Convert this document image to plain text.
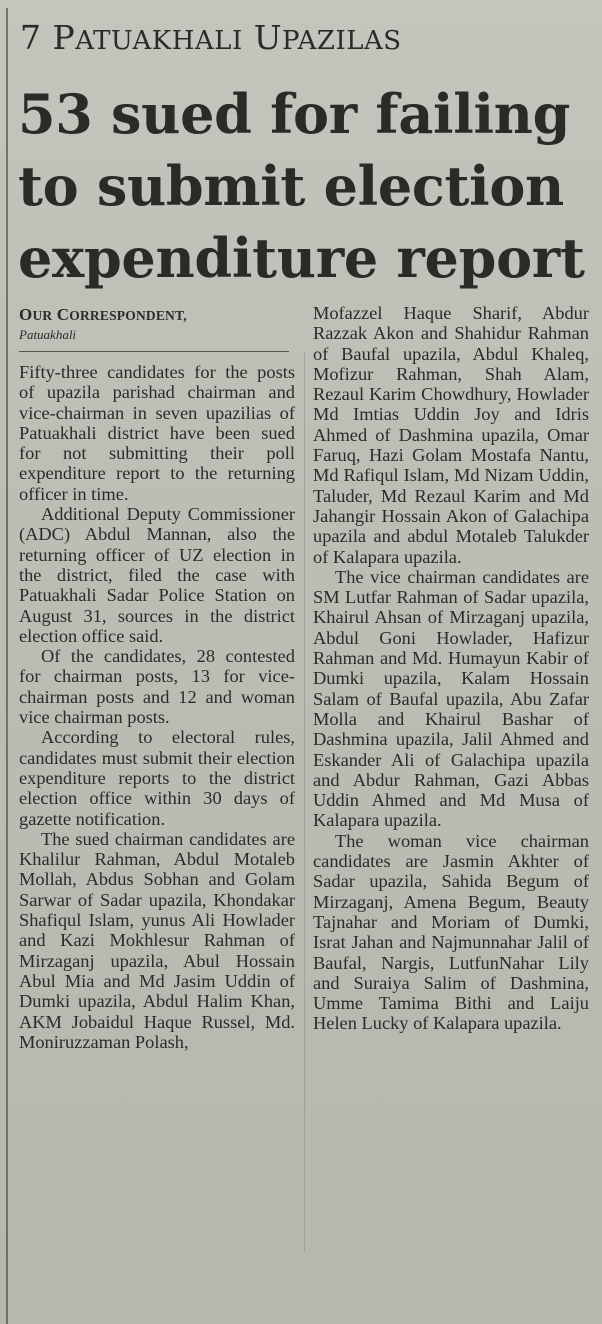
7 PATUAKHALI UPAZILAS
53 sued for failing to submit election expenditure report
OUR CORRESPONDENT,
Patuakhali

Fifty-three candidates for the posts of upazila parishad chairman and vice-chairman in seven upazilias of Patuakhali district have been sued for not submitting their poll expenditure report to the returning officer in time.

Additional Deputy Commissioner (ADC) Abdul Mannan, also the returning officer of UZ election in the district, filed the case with Patuakhali Sadar Police Station on August 31, sources in the district election office said.

Of the candidates, 28 contested for chairman posts, 13 for vice- chairman posts and 12 and woman vice chairman posts.

According to electoral rules, candidates must submit their election expenditure reports to the district election office within 30 days of gazette notification.

The sued chairman candidates are Khalilur Rahman, Abdul Motaleb Mollah, Abdus Sobhan and Golam Sarwar of Sadar upazila, Khondakar Shafiqul Islam, yunus Ali Howlader and Kazi Mokhlesur Rahman of Mirzaganj upazila, Abul Hossain Abul Mia and Md Jasim Uddin of Dumki upazila, Abdul Halim Khan, AKM Jobaidul Haque Russel, Md. Moniruzzaman Polash,

Mofazzel Haque Sharif, Abdur Razzak Akon and Shahidur Rahman of Baufal upazila, Abdul Khaleq, Mofizur Rahman, Shah Alam, Rezaul Karim Chowdhury, Howlader Md Imtias Uddin Joy and Idris Ahmed of Dashmina upazila, Omar Faruq, Hazi Golam Mostafa Nantu, Md Rafiqul Islam, Md Nizam Uddin, Taluder, Md Rezaul Karim and Md Jahangir Hossain Akon of Galachipa upazila and abdul Motaleb Talukder of Kalapara upazila.

The vice chairman candidates are SM Lutfar Rahman of Sadar upazila, Khairul Ahsan of Mirzaganj upazila, Abdul Goni Howlader, Hafizur Rahman and Md. Humayun Kabir of Dumki upazila, Kalam Hossain Salam of Baufal upazila, Abu Zafar Molla and Khairul Bashar of Dashmina upazila, Jalil Ahmed and Eskander Ali of Galachipa upazila and Abdur Rahman, Gazi Abbas Uddin Ahmed and Md Musa of Kalapara upazila.

The woman vice chairman candidates are Jasmin Akhter of Sadar upazila, Sahida Begum of Mirzaganj, Amena Begum, Beauty Tajnahar and Moriam of Dumki, Israt Jahan and Najmunnahar Jalil of Baufal, Nargis, LutfunNahar Lily and Suraiya Salim of Dashmina, Umme Tamima Bithi and Laiju Helen Lucky of Kalapara upazila.
